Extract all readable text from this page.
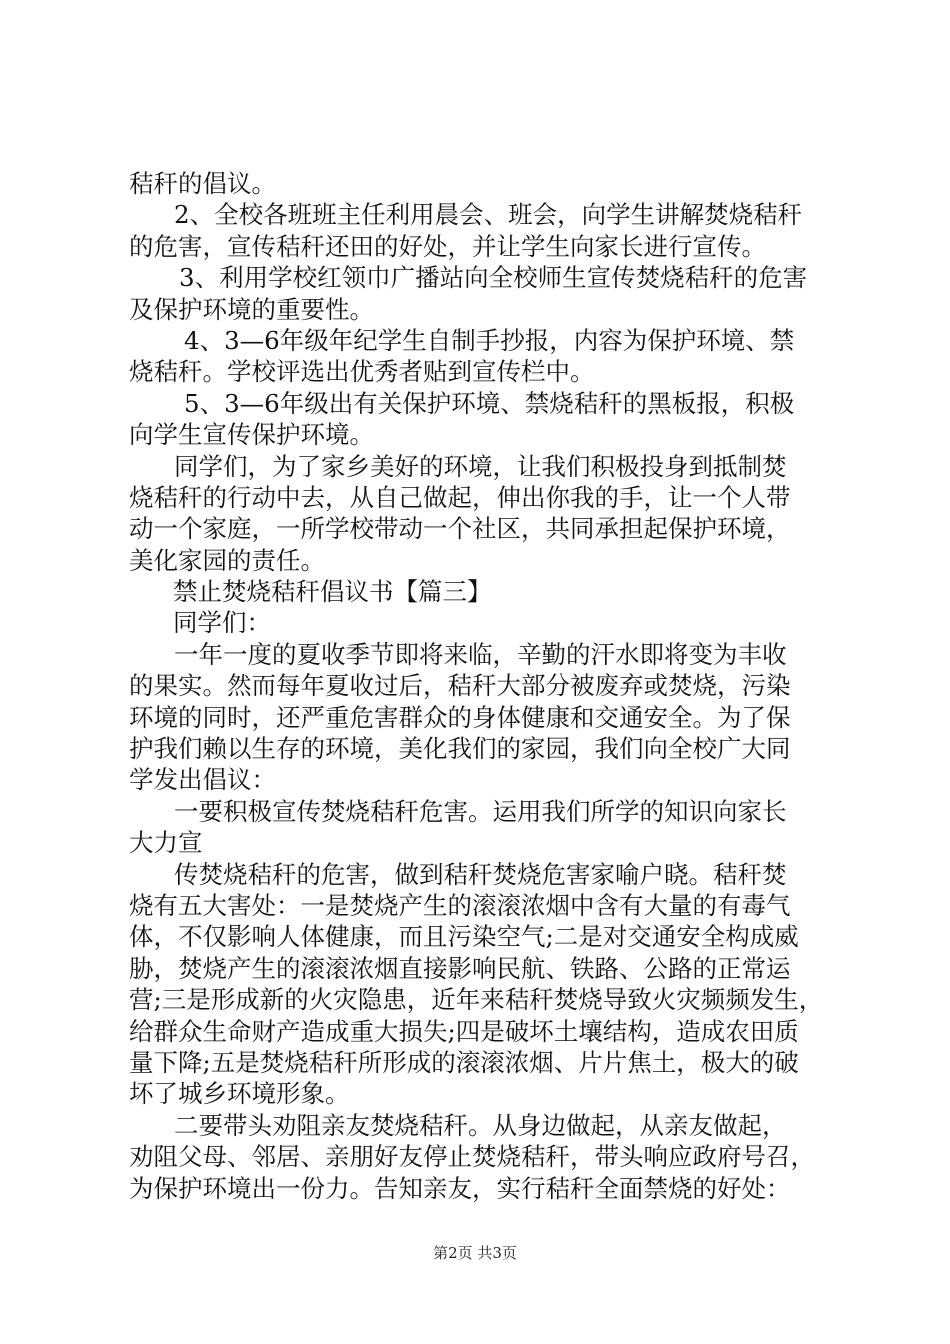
秸秆的倡议。
2、全校各班班主任利用晨会、班会，向学生讲解焚烧秸秆
的危害，宣传秸秆还田的好处，并让学生向家长进行宣传。
3、利用学校红领巾广播站向全校师生宣传焚烧秸秆的危害
及保护环境的重要性。
4、3—6年级年纪学生自制手抄报，内容为保护环境、禁
烧秸秆。学校评选出优秀者贴到宣传栏中。
5、3—6年级出有关保护环境、禁烧秸秆的黑板报，积极
向学生宣传保护环境。
同学们，为了家乡美好的环境，让我们积极投身到抵制焚
烧秸秆的行动中去，从自己做起，伸出你我的手，让一个人带
动一个家庭，一所学校带动一个社区，共同承担起保护环境，
美化家园的责任。
禁止焚烧秸秆倡议书【篇三】
同学们：
一年一度的夏收季节即将来临，辛勤的汗水即将变为丰收
的果实。然而每年夏收过后，秸秆大部分被废弃或焚烧，污染
环境的同时，还严重危害群众的身体健康和交通安全。为了保
护我们赖以生存的环境，美化我们的家园，我们向全校广大同
学发出倡议：
一要积极宣传焚烧秸秆危害。运用我们所学的知识向家长
大力宣
传焚烧秸秆的危害，做到秸秆焚烧危害家喻户晓。秸秆焚
烧有五大害处：一是焚烧产生的滚滚浓烟中含有大量的有毒气
体，不仅影响人体健康，而且污染空气;二是对交通安全构成威
胁，焚烧产生的滚滚浓烟直接影响民航、铁路、公路的正常运
营;三是形成新的火灾隐患，近年来秸秆焚烧导致火灾频频发生，
给群众生命财产造成重大损失;四是破坏土壤结构，造成农田质
量下降;五是焚烧秸秆所形成的滚滚浓烟、片片焦土，极大的破
坏了城乡环境形象。
二要带头劝阻亲友焚烧秸秆。从身边做起，从亲友做起，
劝阻父母、邻居、亲朋好友停止焚烧秸秆，带头响应政府号召，
为保护环境出一份力。告知亲友，实行秸秆全面禁烧的好处：
第2页 共3页
